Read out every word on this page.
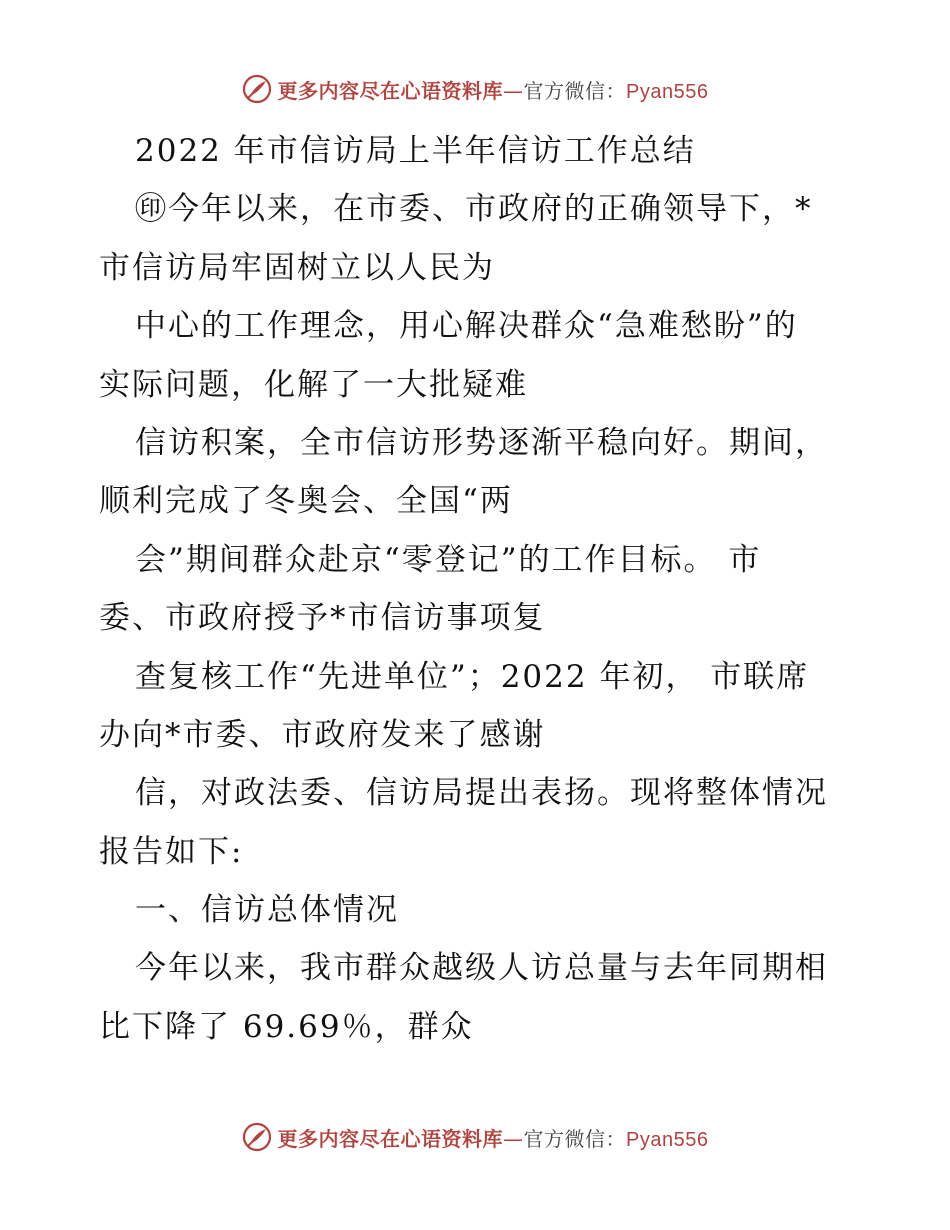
更多内容尽在心语资料库—官方微信：Pyan556
2022 年市信访局上半年信访工作总结
㊞今年以来，在市委、市政府的正确领导下，*
市信访局牢固树立以人民为
中心的工作理念，用心解决群众“急难愁盼”的
实际问题，化解了一大批疑难
信访积案，全市信访形势逐渐平稳向好。期间，
顺利完成了冬奥会、全国“两
会”期间群众赴京“零登记”的工作目标。 市
委、市政府授予*市信访事项复
查复核工作“先进单位”；2022 年初， 市联席
办向*市委、市政府发来了感谢
信，对政法委、信访局提出表扬。现将整体情况
报告如下:
一、信访总体情况
今年以来，我市群众越级人访总量与去年同期相
比下降了 69.69％，群众
更多内容尽在心语资料库—官方微信：Pyan556
